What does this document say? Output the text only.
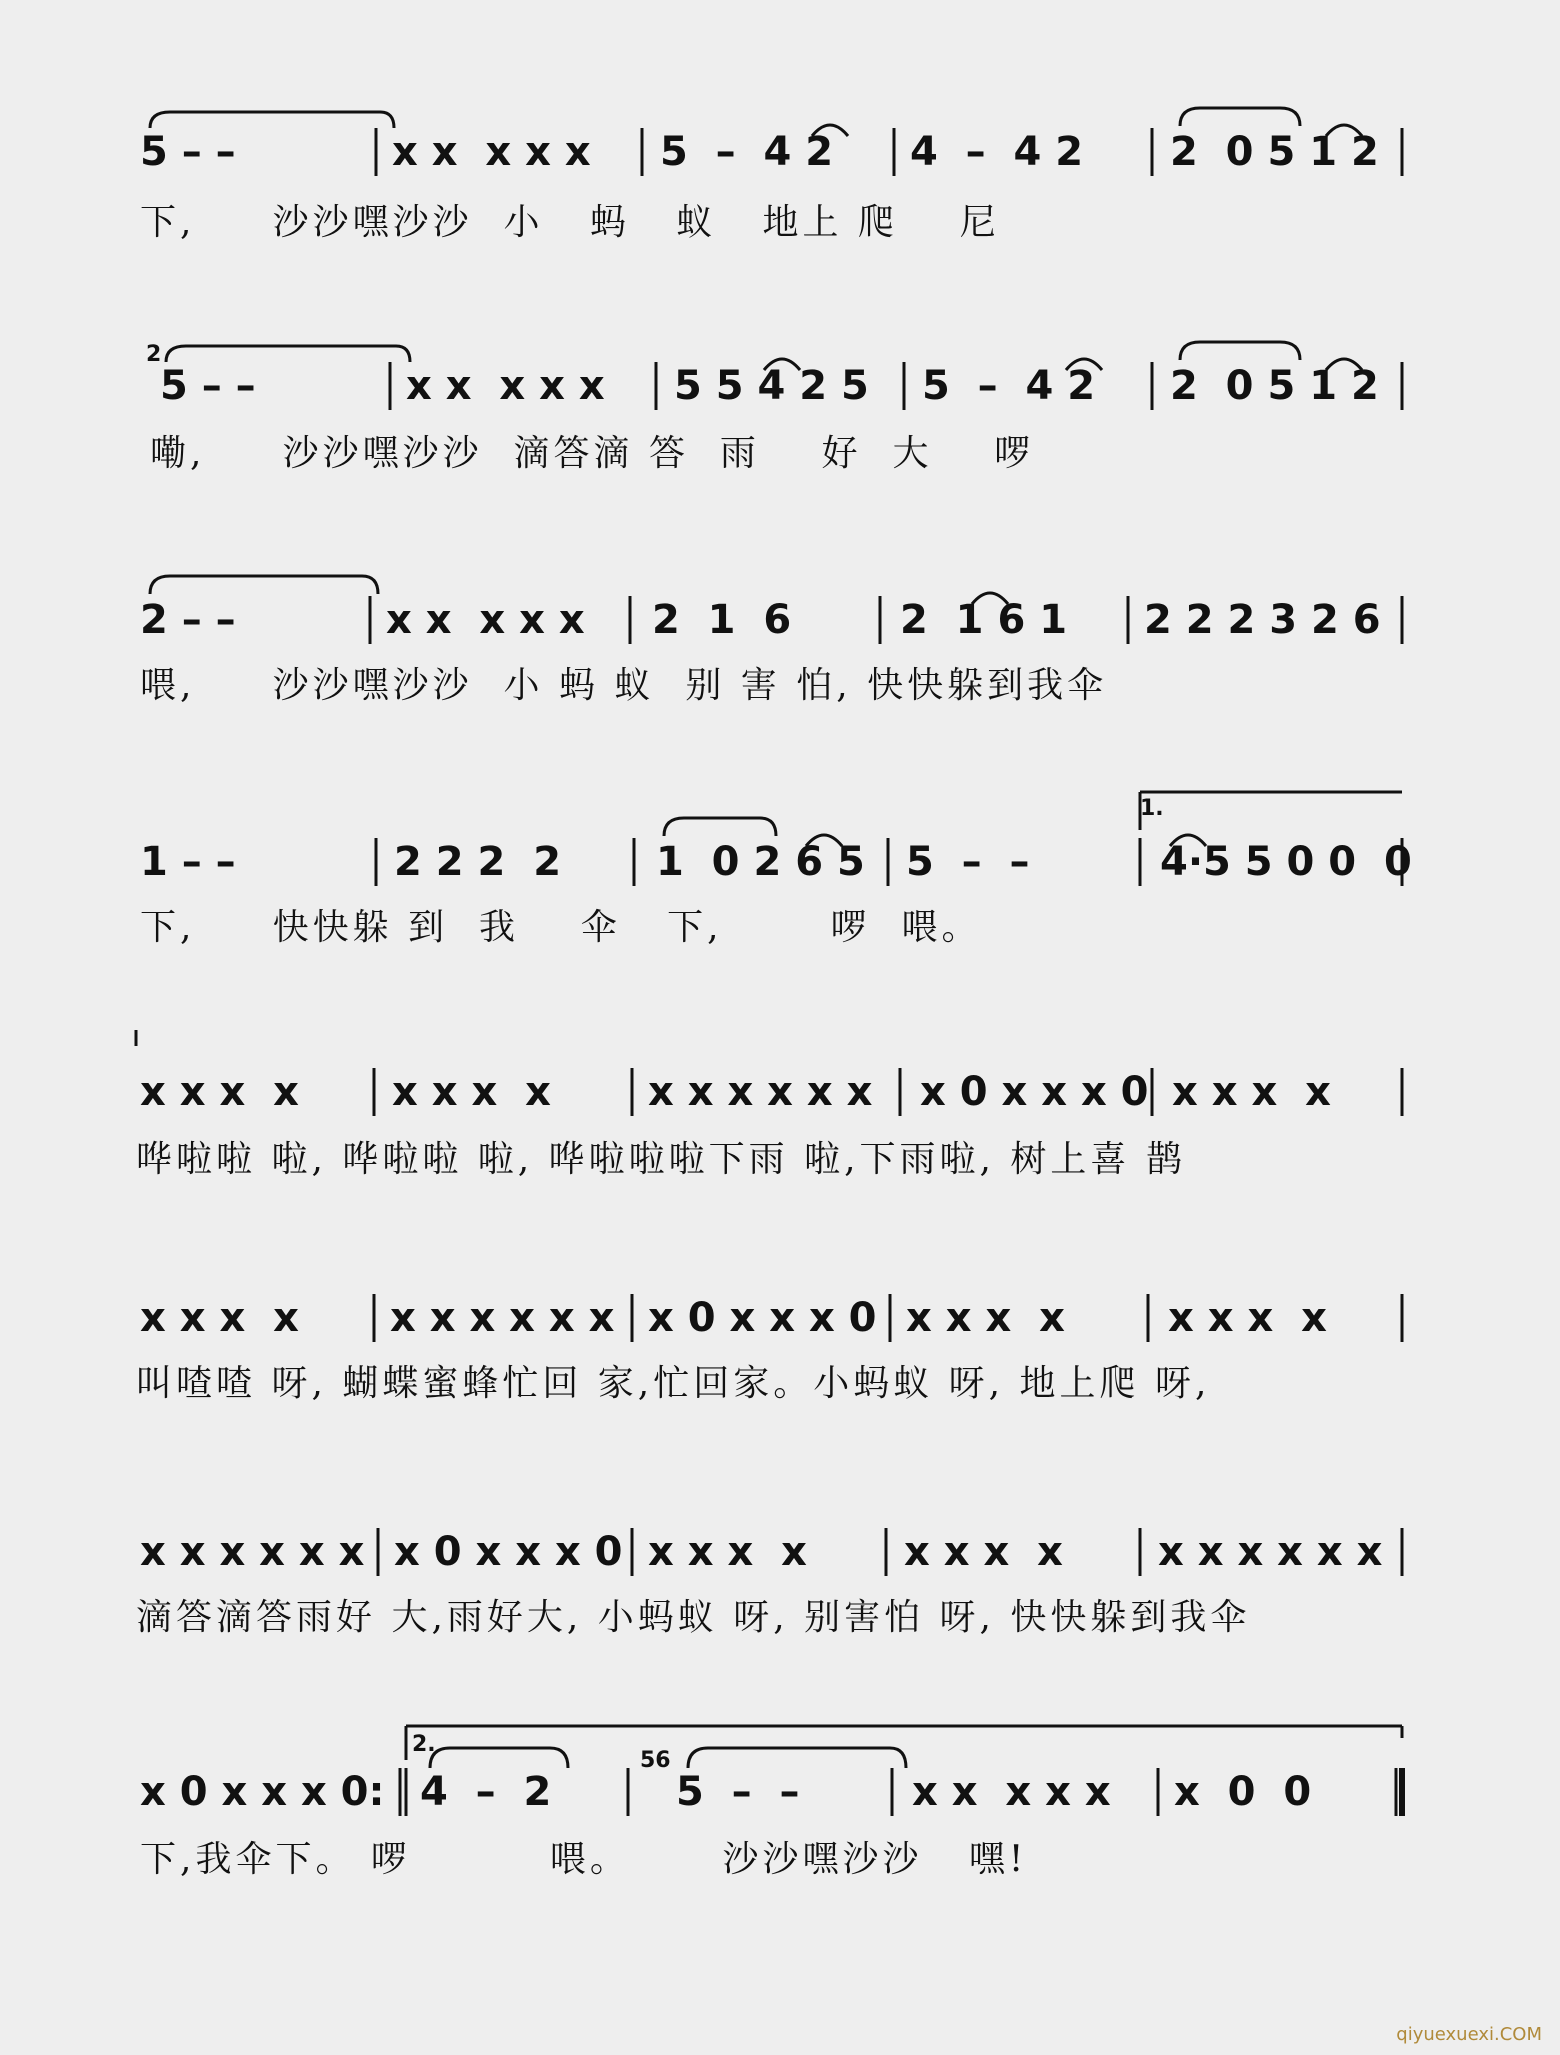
5 – –	x x  x x x 5  –  4 2 4  –  4 2 2  0 5 1 2
下,     沙沙嘿沙沙  小   蚂   蚁   地上 爬    尼
2
5 – –	x x  x x x 5 5 4 2 5 5  –  4 2 2  0 5 1 2
嘞,     沙沙嘿沙沙  滴答滴 答  雨    好  大    啰
2 – –	x x  x x x 2  1  6	2  1 6 1 2 2 2 3 2 6
喂,     沙沙嘿沙沙  小 蚂 蚁  别 害 怕, 快快躲到我伞
1.
1 – –	2 2 2  2 1  0 2 6 5 5  –  –	4·5 5 0 0  0
下,     快快躲 到  我    伞   下,       啰  喂。
x x x  x x x x  x x x x x x x x 0 x x x 0 x x x  x
哗啦啦 啦, 哗啦啦 啦, 哗啦啦啦下雨 啦,下雨啦, 树上喜 鹊
x x x  x x x x x x x x 0 x x x 0 x x x  x	x x x  x
叫喳喳 呀, 蝴蝶蜜蜂忙回 家,忙回家。小蚂蚁 呀, 地上爬 呀,
x x x x x x x 0 x x x 0 x x x  x x x x  x x x x x x x
滴答滴答雨好 大,雨好大, 小蚂蚁 呀, 别害怕 呀, 快快躲到我伞
2.
56
x 0 x x x 0: 4  –  2	5  –  –	x x  x x x x  0  0
下,我伞下。 啰         喂。      沙沙嘿沙沙   嘿!
qiyuexuexi.COM
